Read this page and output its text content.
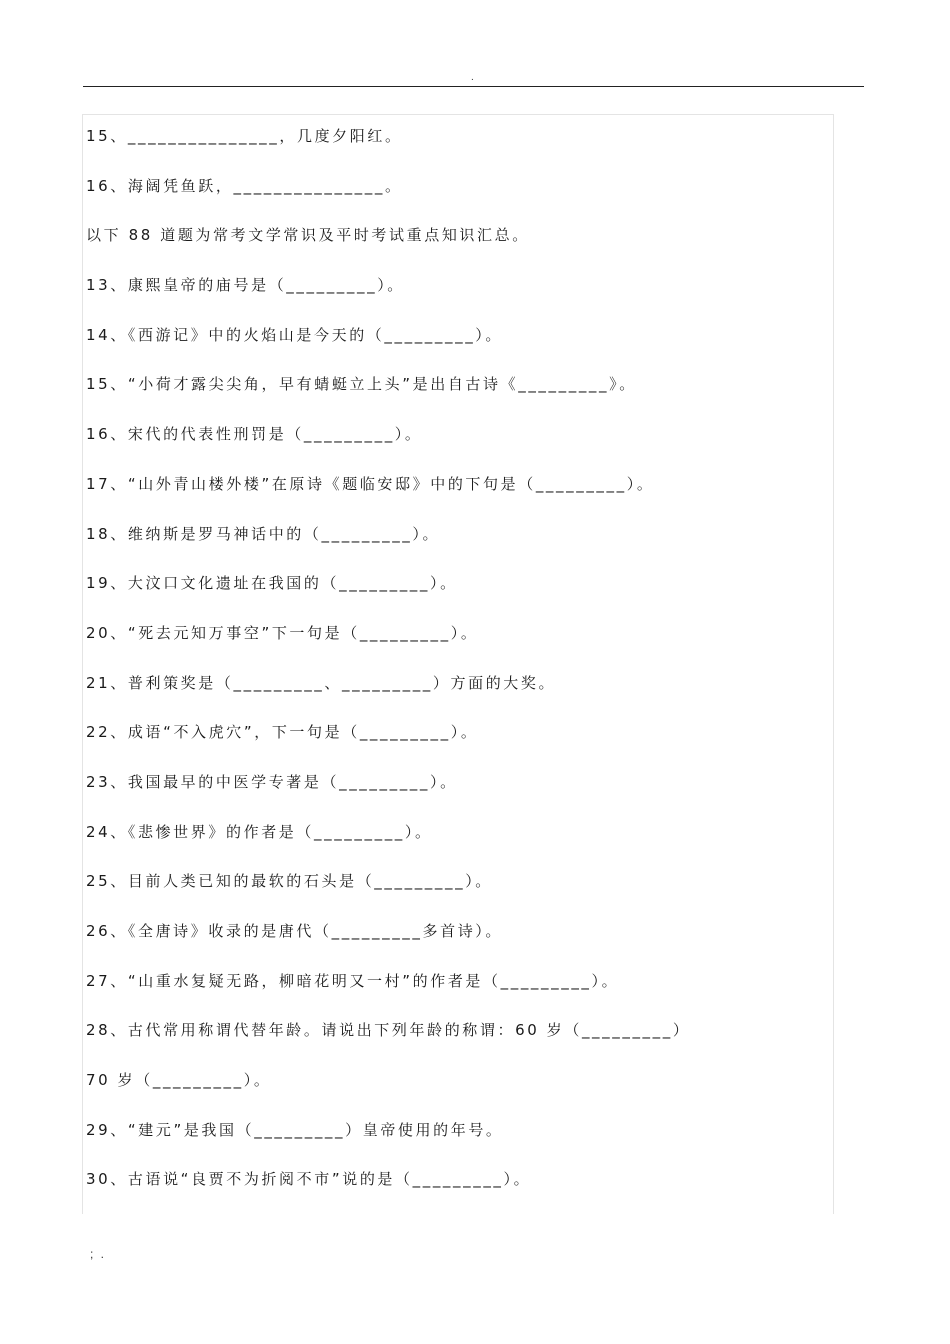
.
15、_______________，几度夕阳红。
16、海阔凭鱼跃，_______________。
以下 88 道题为常考文学常识及平时考试重点知识汇总。
13、康熙皇帝的庙号是（_________）。
14、《西游记》中的火焰山是今天的（_________）。
15、“小荷才露尖尖角，早有蜻蜓立上头”是出自古诗《_________》。
16、宋代的代表性刑罚是（_________）。
17、“山外青山楼外楼”在原诗《题临安邸》中的下句是（_________）。
18、维纳斯是罗马神话中的（_________）。
19、大汶口文化遗址在我国的（_________）。
20、“死去元知万事空”下一句是（_________）。
21、普利策奖是（_________、_________）方面的大奖。
22、成语“不入虎穴”，下一句是（_________）。
23、我国最早的中医学专著是（_________）。
24、《悲惨世界》的作者是（_________）。
25、目前人类已知的最软的石头是（_________）。
26、《全唐诗》收录的是唐代（_________多首诗）。
27、“山重水复疑无路，柳暗花明又一村”的作者是（_________）。
28、古代常用称谓代替年龄。请说出下列年龄的称谓：60 岁（_________）
70 岁（_________）。
29、“建元”是我国（_________）皇帝使用的年号。
30、古语说“良贾不为折阅不市”说的是（_________）。
; .
